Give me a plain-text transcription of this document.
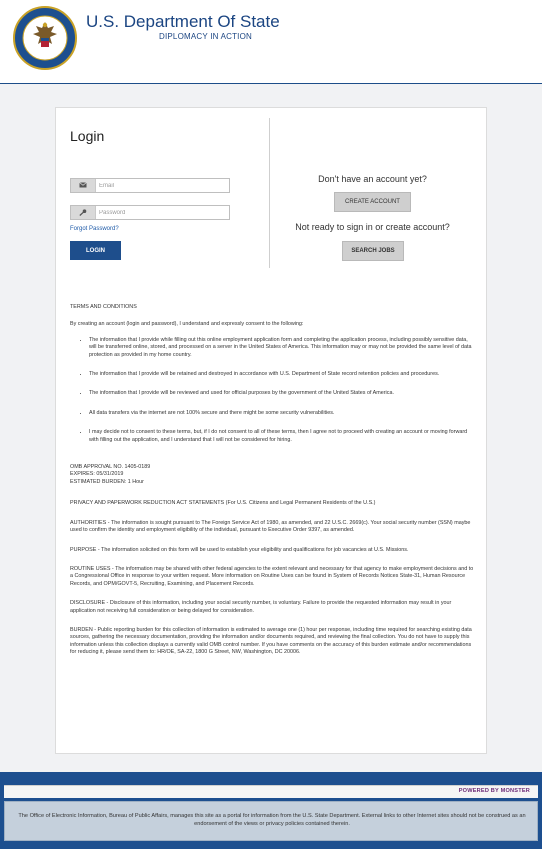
U.S. Department Of State
DIPLOMACY IN ACTION
Login
Email
Forgot Password?
LOGIN
Don't have an account yet?
CREATE ACCOUNT
Not ready to sign in or create account?
SEARCH JOBS

TERMS AND CONDITIONS

By creating an account (login and password), I understand and expressly consent to the following:

• The information that I provide while filling out this online employment application form and completing the application process, including possibly sensitive data, will be transferred online, stored, and processed on a server in the United States of America. This information may or may not be provided the same level of data protection as provided in my home country.
• The information that I provide will be retained and destroyed in accordance with U.S. Department of State record retention policies and procedures.
• The information that I provide will be reviewed and used for official purposes by the government of the United States of America.
• All data transfers via the internet are not 100% secure and there might be some security vulnerabilities.
• I may decide not to consent to these terms, but, if I do not consent to all of these terms, then I agree not to proceed with creating an account or moving forward with filling out the application, and I understand that I will not be considered for hiring.

OMB APPROVAL NO. 1405-0189

EXPIRES: 05/31/2019

ESTIMATED BURDEN: 1 Hour

PRIVACY AND PAPERWORK REDUCTION ACT STATEMENTS (For U.S. Citizens and Legal Permanent Residents of the U.S.)

AUTHORITIES - The information is sought pursuant to The Foreign Service Act of 1980, as amended, and 22 U.S.C. 2669(c). Your social security number (SSN) maybe used to confirm the identity and employment eligibility of the individual, pursuant to Executive Order 9397, as amended.

PURPOSE - The information solicited on this form will be used to establish your eligibility and qualifications for job vacancies at U.S. Missions.

ROUTINE USES - The information may be shared with other federal agencies to the extent relevant and necessary for that agency to make employment decisions and to a Congressional Office in response to your written request. More information on Routine Uses can be found in System of Records Notices State-31, Human Resource Records, and OPM/GOVT-5, Recruiting, Examining, and Placement Records.

DISCLOSURE - Disclosure of this information, including your social security number, is voluntary. Failure to provide the requested information may result in your application not receiving full consideration or being delayed for consideration.

BURDEN - Public reporting burden for this collection of information is estimated to average one (1) hour per response, including time required for searching existing data sources, gathering the necessary documentation, providing the information and/or documents required, and reviewing the final collection. You do not have to supply this information unless this collection displays a currently valid OMB control number. If you have comments on the accuracy of this burden estimate and/or recommendations for reducing it, please send them to: HR/OE, SA-22, 1800 G Street, NW, Washington, DC 20006.

POWERED BY MONSTER
The Office of Electronic Information, Bureau of Public Affairs, manages this site as a portal for information from the U.S. State Department. External links to other Internet sites should not be construed as an endorsement of the views or privacy policies contained therein.
